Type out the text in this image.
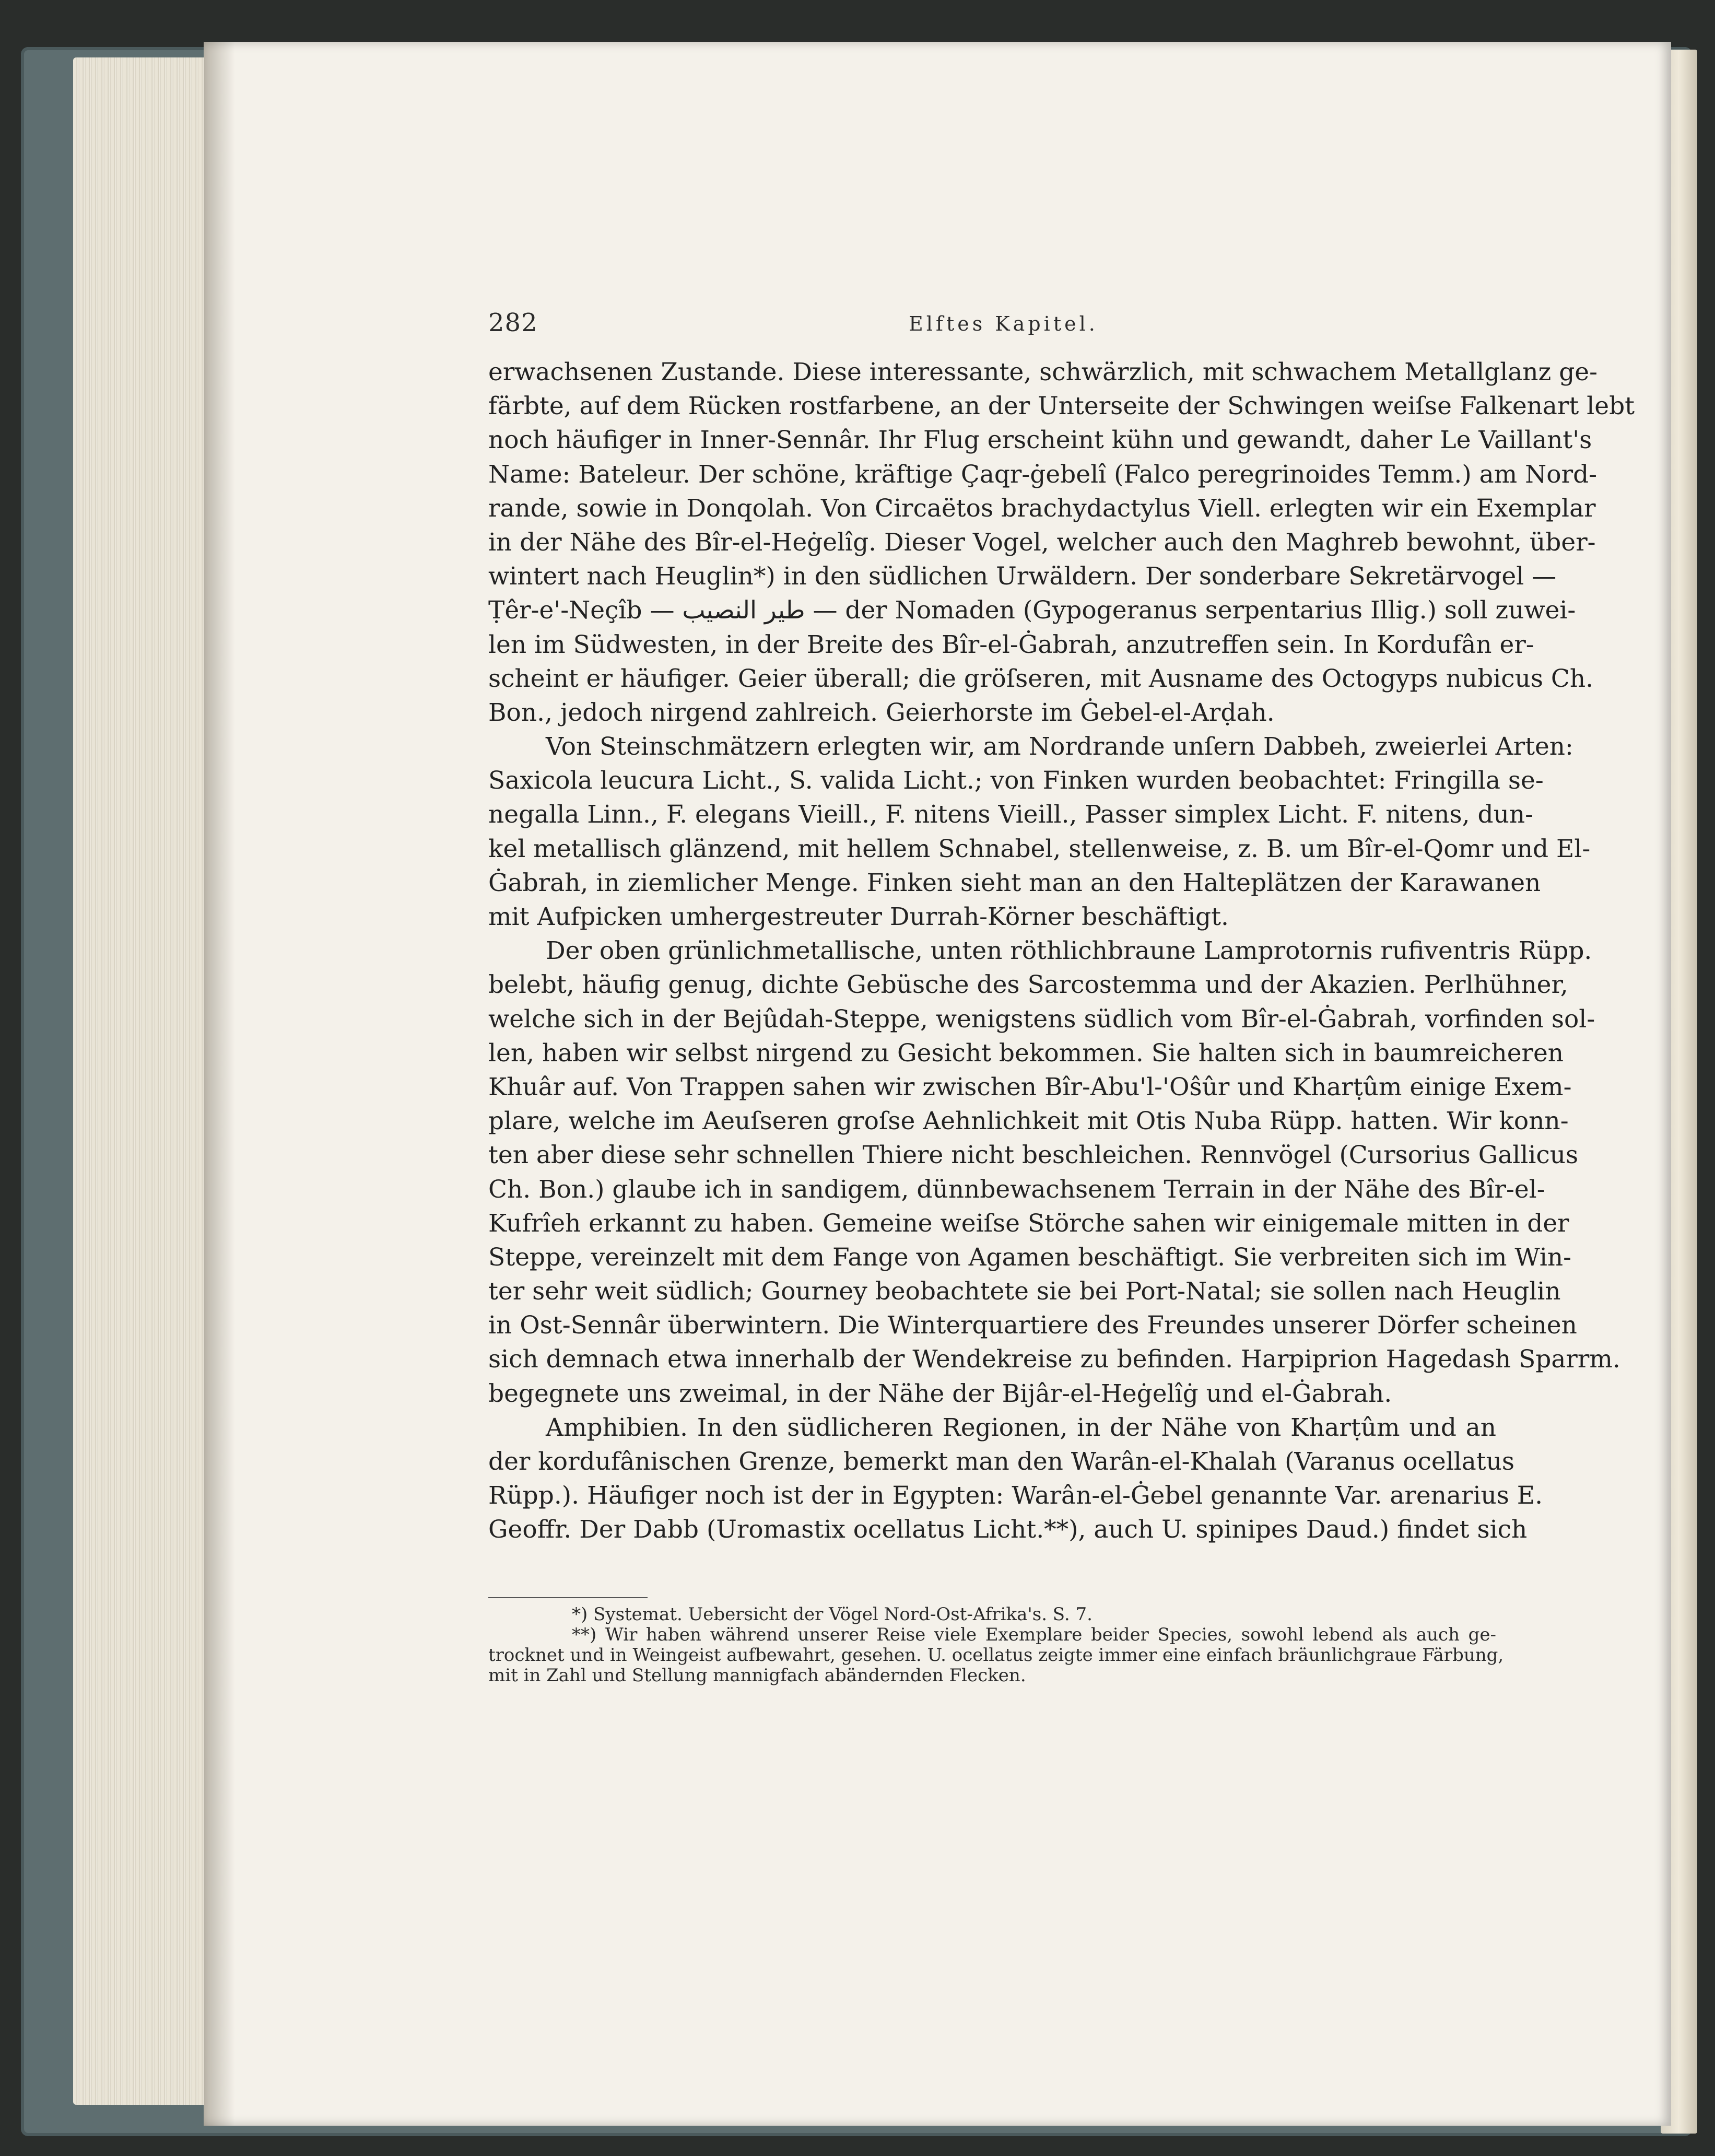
282	Elftes Kapitel.
erwachsenen Zustande. Diese interessante, schwärzlich, mit schwachem Metallglanz ge-
färbte, auf dem Rücken rostfarbene, an der Unterseite der Schwingen weiſse Falkenart lebt
noch häufiger in Inner-Sennâr. Ihr Flug erscheint kühn und gewandt, daher Le Vaillant's
Name: Bateleur. Der schöne, kräftige Çaqr-ġebelî (Falco peregrinoides Temm.) am Nord-
rande, sowie in Donqolah. Von Circaëtos brachydactylus Viell. erlegten wir ein Exemplar
in der Nähe des Bîr-el-Heġelîg. Dieser Vogel, welcher auch den Maghreb bewohnt, über-
wintert nach Heuglin*) in den südlichen Urwäldern. Der sonderbare Sekretärvogel —
Ṭêr-e'-Neçîb — طير النصيب — der Nomaden (Gypogeranus serpentarius Illig.) soll zuwei-
len im Südwesten, in der Breite des Bîr-el-Ġabrah, anzutreffen sein. In Kordufân er-
scheint er häufiger. Geier überall; die gröſseren, mit Ausname des Octogyps nubicus Ch.
Bon., jedoch nirgend zahlreich. Geierhorste im Ġebel-el-Arḍah.
Von Steinschmätzern erlegten wir, am Nordrande unſern Dabbeh, zweierlei Arten:
Saxicola leucura Licht., S. valida Licht.; von Finken wurden beobachtet: Fringilla se-
negalla Linn., F. elegans Vieill., F. nitens Vieill., Passer simplex Licht. F. nitens, dun-
kel metallisch glänzend, mit hellem Schnabel, stellenweise, z. B. um Bîr-el-Qomr und El-
Ġabrah, in ziemlicher Menge. Finken sieht man an den Halteplätzen der Karawanen
mit Aufpicken umhergestreuter Durrah-Körner beschäftigt.
Der oben grünlichmetallische, unten röthlichbraune Lamprotornis rufiventris Rüpp.
belebt, häufig genug, dichte Gebüsche des Sarcostemma und der Akazien. Perlhühner,
welche sich in der Bejûdah-Steppe, wenigstens südlich vom Bîr-el-Ġabrah, vorfinden sol-
len, haben wir selbst nirgend zu Gesicht bekommen. Sie halten sich in baumreicheren
Khuâr auf. Von Trappen sahen wir zwischen Bîr-Abu'l-'Oŝûr und Kharṭûm einige Exem-
plare, welche im Aeuſseren groſse Aehnlichkeit mit Otis Nuba Rüpp. hatten. Wir konn-
ten aber diese sehr schnellen Thiere nicht beschleichen. Rennvögel (Cursorius Gallicus
Ch. Bon.) glaube ich in sandigem, dünnbewachsenem Terrain in der Nähe des Bîr-el-
Kufrîeh erkannt zu haben. Gemeine weiſse Störche sahen wir einigemale mitten in der
Steppe, vereinzelt mit dem Fange von Agamen beschäftigt. Sie verbreiten sich im Win-
ter sehr weit südlich; Gourney beobachtete sie bei Port-Natal; sie sollen nach Heuglin
in Ost-Sennâr überwintern. Die Winterquartiere des Freundes unserer Dörfer scheinen
sich demnach etwa innerhalb der Wendekreise zu befinden. Harpiprion Hagedash Sparrm.
begegnete uns zweimal, in der Nähe der Bijâr-el-Heġelîġ und el-Ġabrah.
Amphibien. In den südlicheren Regionen, in der Nähe von Kharṭûm und an
der kordufânischen Grenze, bemerkt man den Warân-el-Khalah (Varanus ocellatus
Rüpp.). Häufiger noch ist der in Egypten: Warân-el-Ġebel genannte Var. arenarius E.
Geoffr. Der Dabb (Uromastix ocellatus Licht.**), auch U. spinipes Daud.) findet sich
*) Systemat. Uebersicht der Vögel Nord-Ost-Afrika's. S. 7.
**) Wir haben während unserer Reise viele Exemplare beider Species, sowohl lebend als auch ge-
trocknet und in Weingeist aufbewahrt, gesehen. U. ocellatus zeigte immer eine einfach bräunlichgraue Färbung,
mit in Zahl und Stellung mannigfach abändernden Flecken.
